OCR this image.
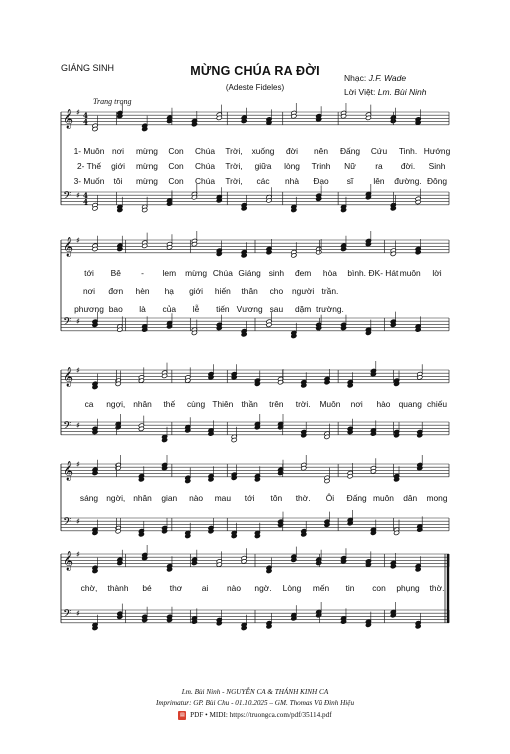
GIÁNG SINH	MỪNG CHÚA RA ĐỜI
(Adeste Fideles)
Nhạc: J.F. Wade
Lời Việt: Lm. Bùi Ninh
Trang trọng
𝄞
𝄢
4
4
4
4
♯
♯
1- Muôn nơi mừng Con Chúa Trời, xuống đời nên Đấng Cứu Tinh. Hướng
2- Thế giới mừng Con Chúa Trời, giữa lòng Trinh Nữ ra đời. Sinh
3- Muốn tôi mừng Con Chúa Trời, các nhà Đạo sĩ lên đường. Đông
𝄞
𝄢
♯
♯
tới Bê - lem mừng Chúa Giáng sinh đem hòa bình. ĐK- Hát muôn lời
nơi đơn hèn hạ giới hiến thân cho người trần.
phương bao là của lễ tiến Vương sau dặm trường.
𝄞
𝄢
♯
♯
ca ngợi, nhân thế cùng Thiên thần trên trời. Muôn nơi hào quang chiếu
𝄞
𝄢
♯
♯
sáng ngời, nhân gian nào mau tới tôn thờ. Ôi Đấng muôn dân mong
𝄞
𝄢
♯
♯
chờ, thành bé thơ ai nào ngờ. Lòng mến tin con phụng thờ.
Lm. Bùi Ninh - NGUYỄN CA & THÁNH KINH CA
Imprimatur: GP. Bùi Chu - 01.10.2025 – GM. Thomas Vũ Đình Hiệu
▤ PDF • MIDI: https://truongca.com/pdf/35114.pdf
